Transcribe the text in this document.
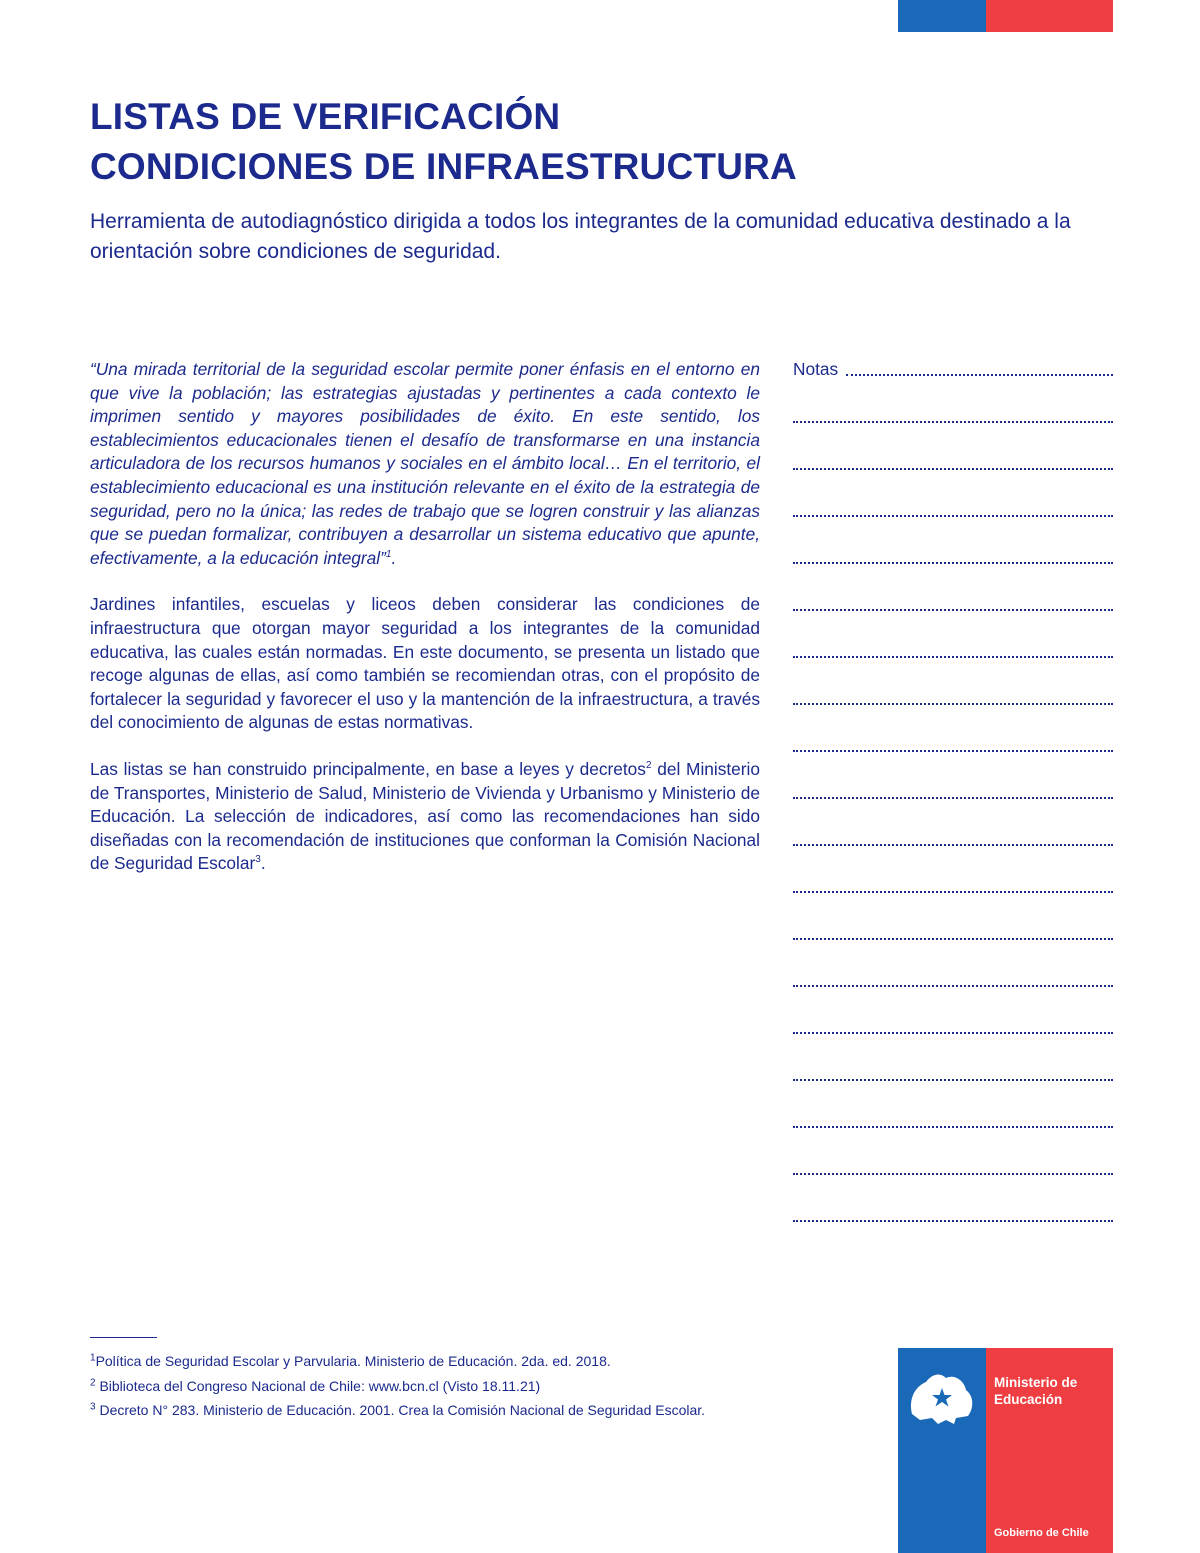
LISTAS DE VERIFICACIÓN
CONDICIONES DE INFRAESTRUCTURA

Herramienta de autodiagnóstico dirigida a todos los integrantes de la comunidad educativa destinado a la orientación sobre condiciones de seguridad.

“Una mirada territorial de la seguridad escolar permite poner énfasis en el entorno en que vive la población; las estrategias ajustadas y pertinentes a cada contexto le imprimen sentido y mayores posibilidades de éxito. En este sentido, los establecimientos educacionales tienen el desafío de transformarse en una instancia articuladora de los recursos humanos y sociales en el ámbito local… En el territorio, el establecimiento educacional es una institución relevante en el éxito de la estrategia de seguridad, pero no la única; las redes de trabajo que se logren construir y las alianzas que se puedan formalizar, contribuyen a desarrollar un sistema educativo que apunte, efectivamente, a la educación integral”$^1$.

Jardines infantiles, escuelas y liceos deben considerar las condiciones de infraestructura que otorgan mayor seguridad a los integrantes de la comunidad educativa, las cuales están normadas. En este documento, se presenta un listado que recoge algunas de ellas, así como también se recomiendan otras, con el propósito de fortalecer la seguridad y favorecer el uso y la mantención de la infraestructura, a través del conocimiento de algunas de estas normativas.

Las listas se han construido principalmente, en base a leyes y decretos$^2$ del Ministerio de Transportes, Ministerio de Salud, Ministerio de Vivienda y Urbanismo y Ministerio de Educación. La selección de indicadores, así como las recomendaciones han sido diseñadas con la recomendación de instituciones que conforman la Comisión Nacional de Seguridad Escolar$^3$.

Notas
$^1$Política de Seguridad Escolar y Parvularia. Ministerio de Educación. 2da. ed. 2018.
$^2$ Biblioteca del Congreso Nacional de Chile: www.bcn.cl (Visto 18.11.21)
$^3$ Decreto N° 283. Ministerio de Educación. 2001. Crea la Comisión Nacional de Seguridad Escolar.
Ministerio de
Educación
Gobierno de Chile
